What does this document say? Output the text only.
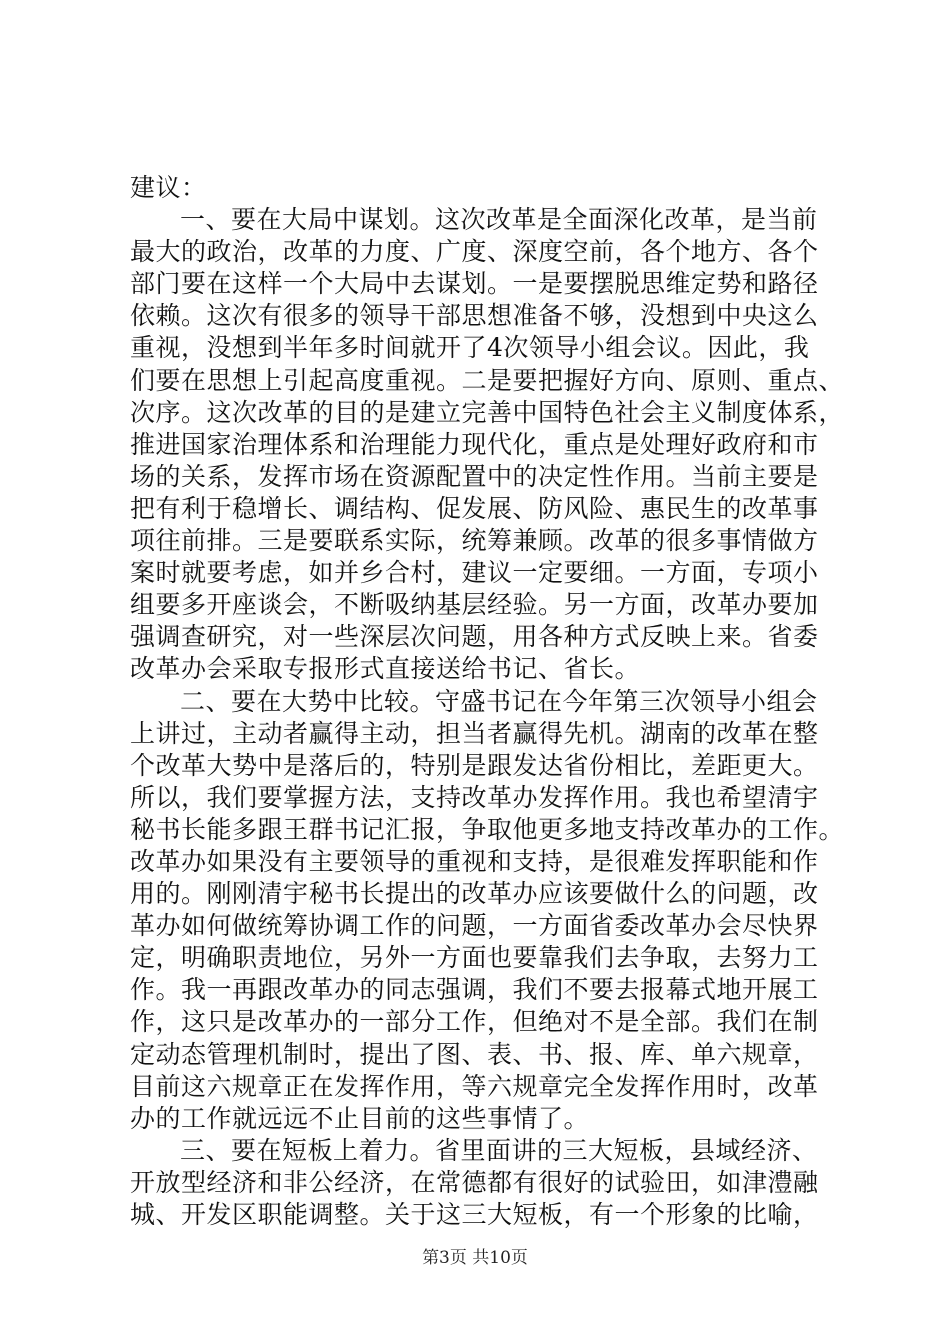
建议：
一、要在大局中谋划。这次改革是全面深化改革，是当前
最大的政治，改革的力度、广度、深度空前，各个地方、各个
部门要在这样一个大局中去谋划。一是要摆脱思维定势和路径
依赖。这次有很多的领导干部思想准备不够，没想到中央这么
重视，没想到半年多时间就开了4次领导小组会议。因此，我
们要在思想上引起高度重视。二是要把握好方向、原则、重点、
次序。这次改革的目的是建立完善中国特色社会主义制度体系，
推进国家治理体系和治理能力现代化，重点是处理好政府和市
场的关系，发挥市场在资源配置中的决定性作用。当前主要是
把有利于稳增长、调结构、促发展、防风险、惠民生的改革事
项往前排。三是要联系实际，统筹兼顾。改革的很多事情做方
案时就要考虑，如并乡合村，建议一定要细。一方面，专项小
组要多开座谈会，不断吸纳基层经验。另一方面，改革办要加
强调查研究，对一些深层次问题，用各种方式反映上来。省委
改革办会采取专报形式直接送给书记、省长。
二、要在大势中比较。守盛书记在今年第三次领导小组会
上讲过，主动者赢得主动，担当者赢得先机。湖南的改革在整
个改革大势中是落后的，特别是跟发达省份相比，差距更大。
所以，我们要掌握方法，支持改革办发挥作用。我也希望清宇
秘书长能多跟王群书记汇报，争取他更多地支持改革办的工作。
改革办如果没有主要领导的重视和支持，是很难发挥职能和作
用的。刚刚清宇秘书长提出的改革办应该要做什么的问题，改
革办如何做统筹协调工作的问题，一方面省委改革办会尽快界
定，明确职责地位，另外一方面也要靠我们去争取，去努力工
作。我一再跟改革办的同志强调，我们不要去报幕式地开展工
作，这只是改革办的一部分工作，但绝对不是全部。我们在制
定动态管理机制时，提出了图、表、书、报、库、单六规章，
目前这六规章正在发挥作用，等六规章完全发挥作用时，改革
办的工作就远远不止目前的这些事情了。
三、要在短板上着力。省里面讲的三大短板，县域经济、
开放型经济和非公经济，在常德都有很好的试验田，如津澧融
城、开发区职能调整。关于这三大短板，有一个形象的比喻，
第3页 共10页
